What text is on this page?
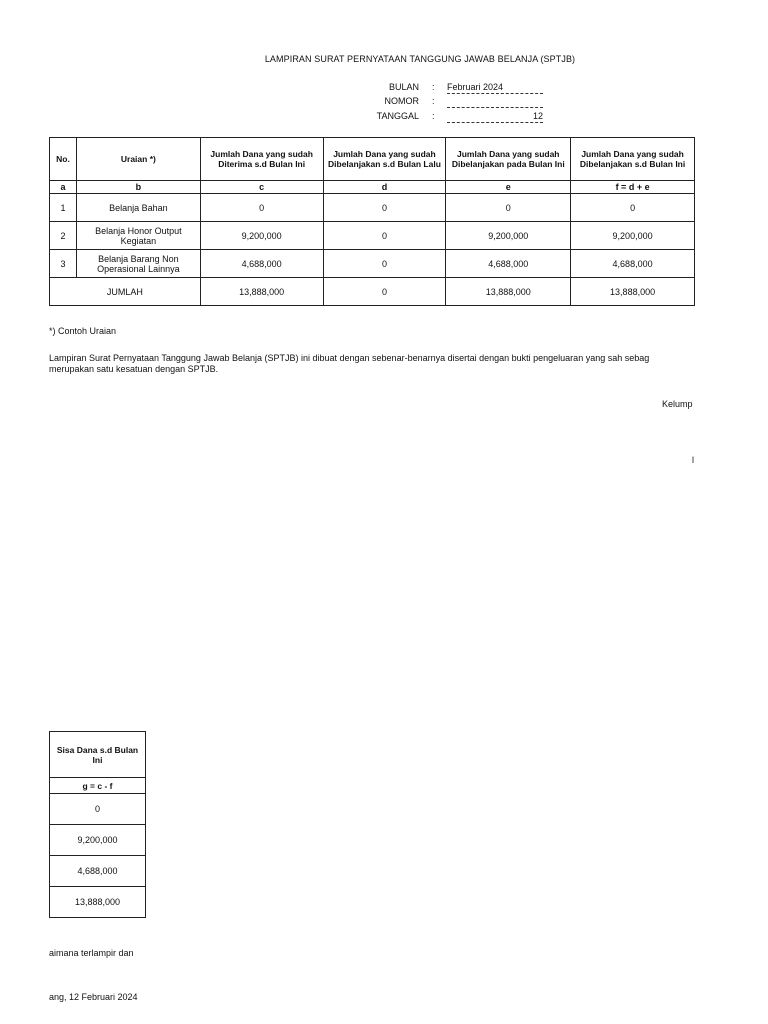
LAMPIRAN SURAT PERNYATAAN TANGGUNG JAWAB BELANJA (SPTJB)
BULAN : Februari 2024
NOMOR :
TANGGAL :	12
No.	Uraian *)	Jumlah Dana yang sudah Diterima s.d Bulan Ini	Jumlah Dana yang sudah Dibelanjakan s.d Bulan Lalu	Jumlah Dana yang sudah Dibelanjakan pada Bulan Ini	Jumlah Dana yang sudah Dibelanjakan s.d Bulan Ini
a	b	c	d	e	f = d + e
1	Belanja Bahan	0	0	0	0
2	Belanja Honor Output Kegiatan	9,200,000	0	9,200,000	9,200,000
3	Belanja Barang Non Operasional Lainnya	4,688,000	0	4,688,000	4,688,000
JUMLAH		13,888,000	0	13,888,000	13,888,000
*) Contoh Uraian
Lampiran Surat Pernyataan Tanggung Jawab Belanja (SPTJB) ini dibuat dengan sebenar-benarnya disertai dengan bukti pengeluaran yang sah sebag
merupakan satu kesatuan dengan SPTJB.
Kelump
l
Sisa Dana s.d Bulan Ini
g = c - f
0
9,200,000
4,688,000
13,888,000
aimana terlampir dan
ang, 12 Februari 2024
